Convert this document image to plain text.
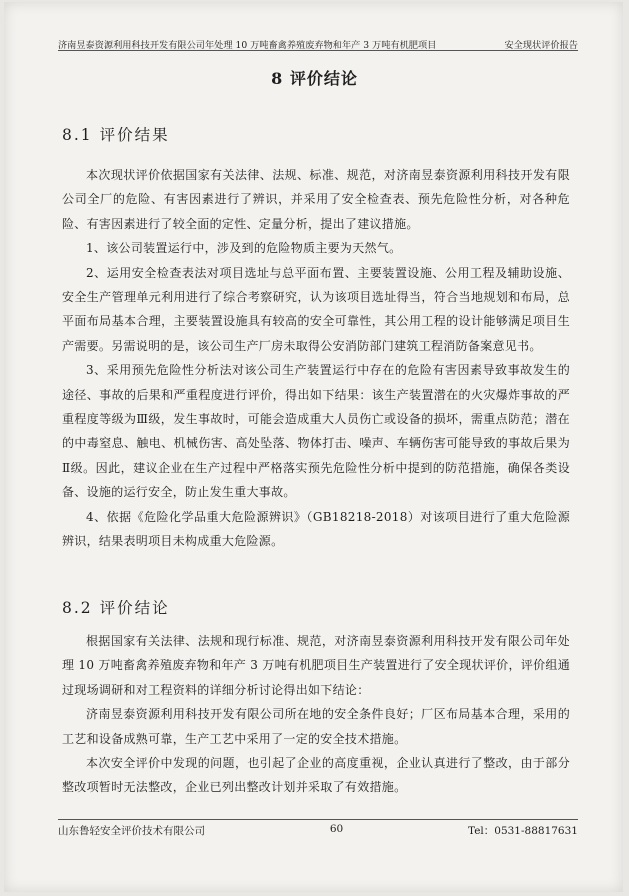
济南昱泰资源利用科技开发有限公司年处理 10 万吨畜禽养殖废弃物和年产 3 万吨有机肥项目	安全现状评价报告
8 评价结论
8.1 评价结果

本次现状评价依据国家有关法律、法规、标准、规范，对济南昱泰资源利用科技开发有限公司全厂的危险、有害因素进行了辨识，并采用了安全检查表、预先危险性分析，对各种危险、有害因素进行了较全面的定性、定量分析，提出了建议措施。

1、该公司装置运行中，涉及到的危险物质主要为天然气。

2、运用安全检查表法对项目选址与总平面布置、主要装置设施、公用工程及辅助设施、安全生产管理单元利用进行了综合考察研究，认为该项目选址得当，符合当地规划和布局，总平面布局基本合理，主要装置设施具有较高的安全可靠性，其公用工程的设计能够满足项目生产需要。另需说明的是，该公司生产厂房未取得公安消防部门建筑工程消防备案意见书。

3、采用预先危险性分析法对该公司生产装置运行中存在的危险有害因素导致事故发生的途径、事故的后果和严重程度进行评价，得出如下结果：该生产装置潜在的火灾爆炸事故的严重程度等级为Ⅲ级，发生事故时，可能会造成重大人员伤亡或设备的损坏，需重点防范；潜在的中毒窒息、触电、机械伤害、高处坠落、物体打击、噪声、车辆伤害可能导致的事故后果为Ⅱ级。因此，建议企业在生产过程中严格落实预先危险性分析中提到的防范措施，确保各类设备、设施的运行安全，防止发生重大事故。

4、依据《危险化学品重大危险源辨识》（GB18218-2018）对该项目进行了重大危险源辨识，结果表明项目未构成重大危险源。

8.2 评价结论

根据国家有关法律、法规和现行标准、规范，对济南昱泰资源利用科技开发有限公司年处理 10 万吨畜禽养殖废弃物和年产 3 万吨有机肥项目生产装置进行了安全现状评价，评价组通过现场调研和对工程资料的详细分析讨论得出如下结论：

济南昱泰资源利用科技开发有限公司所在地的安全条件良好；厂区布局基本合理，采用的工艺和设备成熟可靠，生产工艺中采用了一定的安全技术措施。

本次安全评价中发现的问题，也引起了企业的高度重视，企业认真进行了整改，由于部分整改项暂时无法整改，企业已列出整改计划并采取了有效措施。

山东鲁轻安全评价技术有限公司	60	Tel：0531-88817631
